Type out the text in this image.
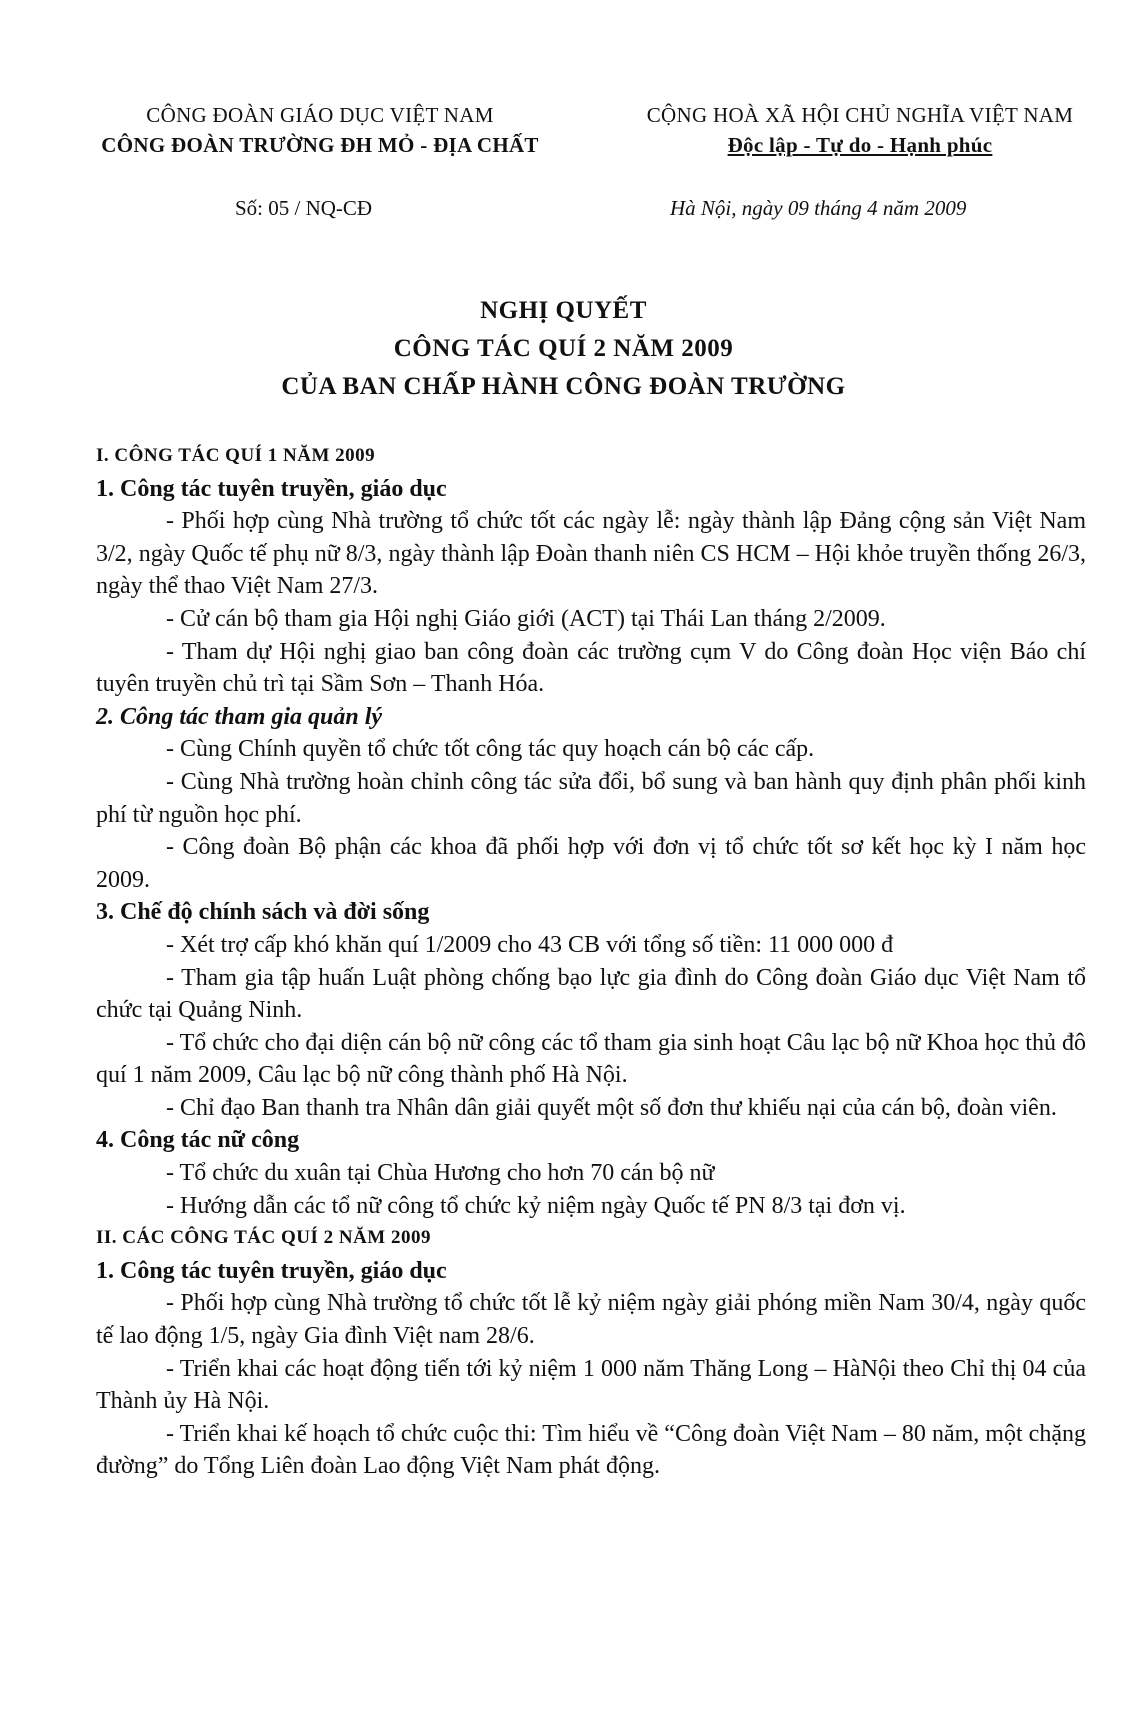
CÔNG ĐOÀN GIÁO DỤC VIỆT NAM
CÔNG ĐOÀN TRƯỜNG ĐH MỎ - ĐỊA CHẤT
CỘNG HOÀ XÃ HỘI CHỦ NGHĨA VIỆT NAM
Độc lập - Tự do - Hạnh phúc
Số: 05 / NQ-CĐ	Hà Nội, ngày 09 tháng 4 năm 2009
NGHỊ QUYẾT
CÔNG TÁC QUÍ 2 NĂM 2009
CỦA BAN CHẤP HÀNH CÔNG ĐOÀN TRƯỜNG

I. CÔNG TÁC QUÍ 1 NĂM 2009

1. Công tác tuyên truyền, giáo dục

- Phối hợp cùng Nhà trường tổ chức tốt các ngày lễ: ngày thành lập Đảng cộng sản Việt Nam 3/2, ngày Quốc tế phụ nữ 8/3, ngày thành lập Đoàn thanh niên CS HCM – Hội khỏe truyền thống 26/3, ngày thể thao Việt Nam 27/3.

- Cử cán bộ tham gia Hội nghị Giáo giới (ACT) tại Thái Lan tháng 2/2009.

- Tham dự Hội nghị giao ban công đoàn các trường cụm V do Công đoàn Học viện Báo chí tuyên truyền chủ trì tại Sầm Sơn – Thanh Hóa.

2. Công tác tham gia quản lý

- Cùng Chính quyền tổ chức tốt công tác quy hoạch cán bộ các cấp.

- Cùng Nhà trường hoàn chỉnh công tác sửa đổi, bổ sung và ban hành quy định phân phối kinh phí từ nguồn học phí.

- Công đoàn Bộ phận các khoa đã phối hợp với đơn vị tổ chức tốt sơ kết học kỳ I năm học 2009.

3. Chế độ chính sách và đời sống

- Xét trợ cấp khó khăn quí 1/2009 cho 43 CB với tổng số tiền: 11 000 000 đ

- Tham gia tập huấn Luật phòng chống bạo lực gia đình do Công đoàn Giáo dục Việt Nam tổ chức tại Quảng Ninh.

- Tổ chức cho đại diện cán bộ nữ công các tổ tham gia sinh hoạt Câu lạc bộ nữ Khoa học thủ đô quí 1 năm 2009, Câu lạc bộ nữ công thành phố Hà Nội.

- Chỉ đạo Ban thanh tra Nhân dân giải quyết một số đơn thư khiếu nại của cán bộ, đoàn viên.

4. Công tác nữ công

- Tổ chức du xuân tại Chùa Hương cho hơn 70 cán bộ nữ

- Hướng dẫn các tổ nữ công tổ chức kỷ niệm ngày Quốc tế PN 8/3 tại đơn vị.

II. CÁC CÔNG TÁC QUÍ 2 NĂM 2009

1. Công tác tuyên truyền, giáo dục

- Phối hợp cùng Nhà trường tổ chức tốt lễ kỷ niệm ngày giải phóng miền Nam 30/4, ngày quốc tế lao động 1/5, ngày Gia đình Việt nam 28/6.

- Triển khai các hoạt động tiến tới kỷ niệm 1 000 năm Thăng Long – HàNội theo Chỉ thị 04 của Thành ủy Hà Nội.

- Triển khai kế hoạch tổ chức cuộc thi: Tìm hiểu về “Công đoàn Việt Nam – 80 năm, một chặng đường” do Tổng Liên đoàn Lao động Việt Nam phát động.
